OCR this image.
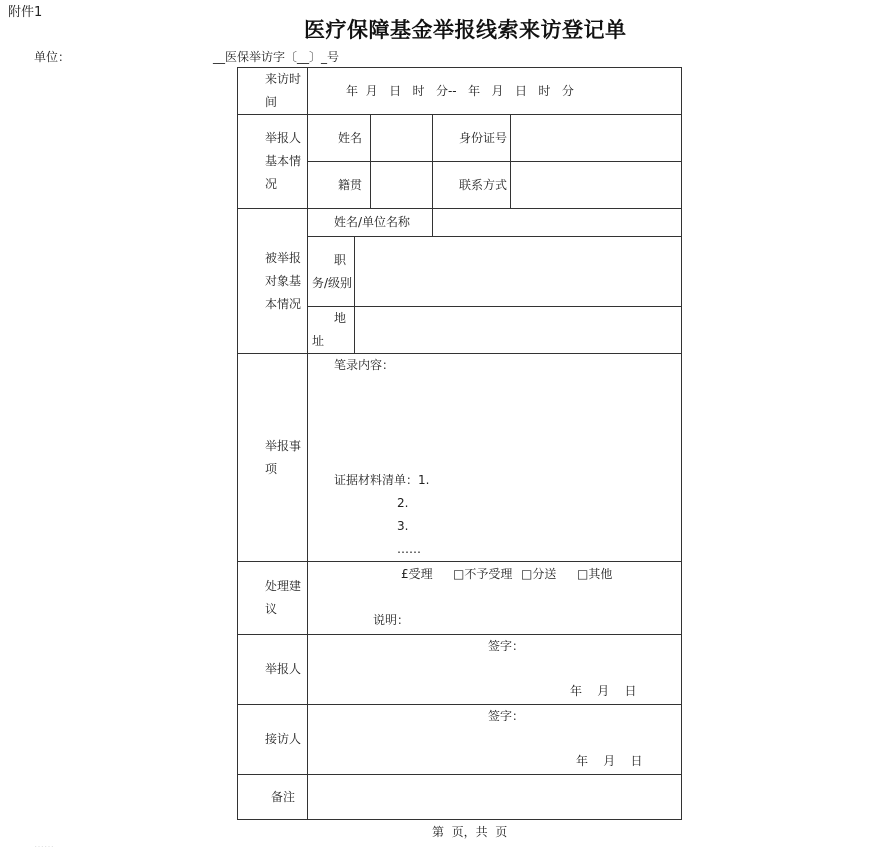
附件1
医疗保障基金举报线索来访登记单
单位：	__医保举访字〔__〕_号
来访时间	年  月   日   时   分--   年   月   日   时   分				

举报人基本情况	姓名			身份证号	

	籍贯			联系方式	

被举报对象基本情况	姓名/单位名称				

	职务/级别				

	地址				

举报事项	笔录内容：
证据材料清单：1.
2.
3.
……				

处理建议	£受理 □不予受理 □分送 □其他
说明：				

举报人	签字：
年    月    日				

接访人	签字：
年    月    日				

备注					
第  页，共  页
……
